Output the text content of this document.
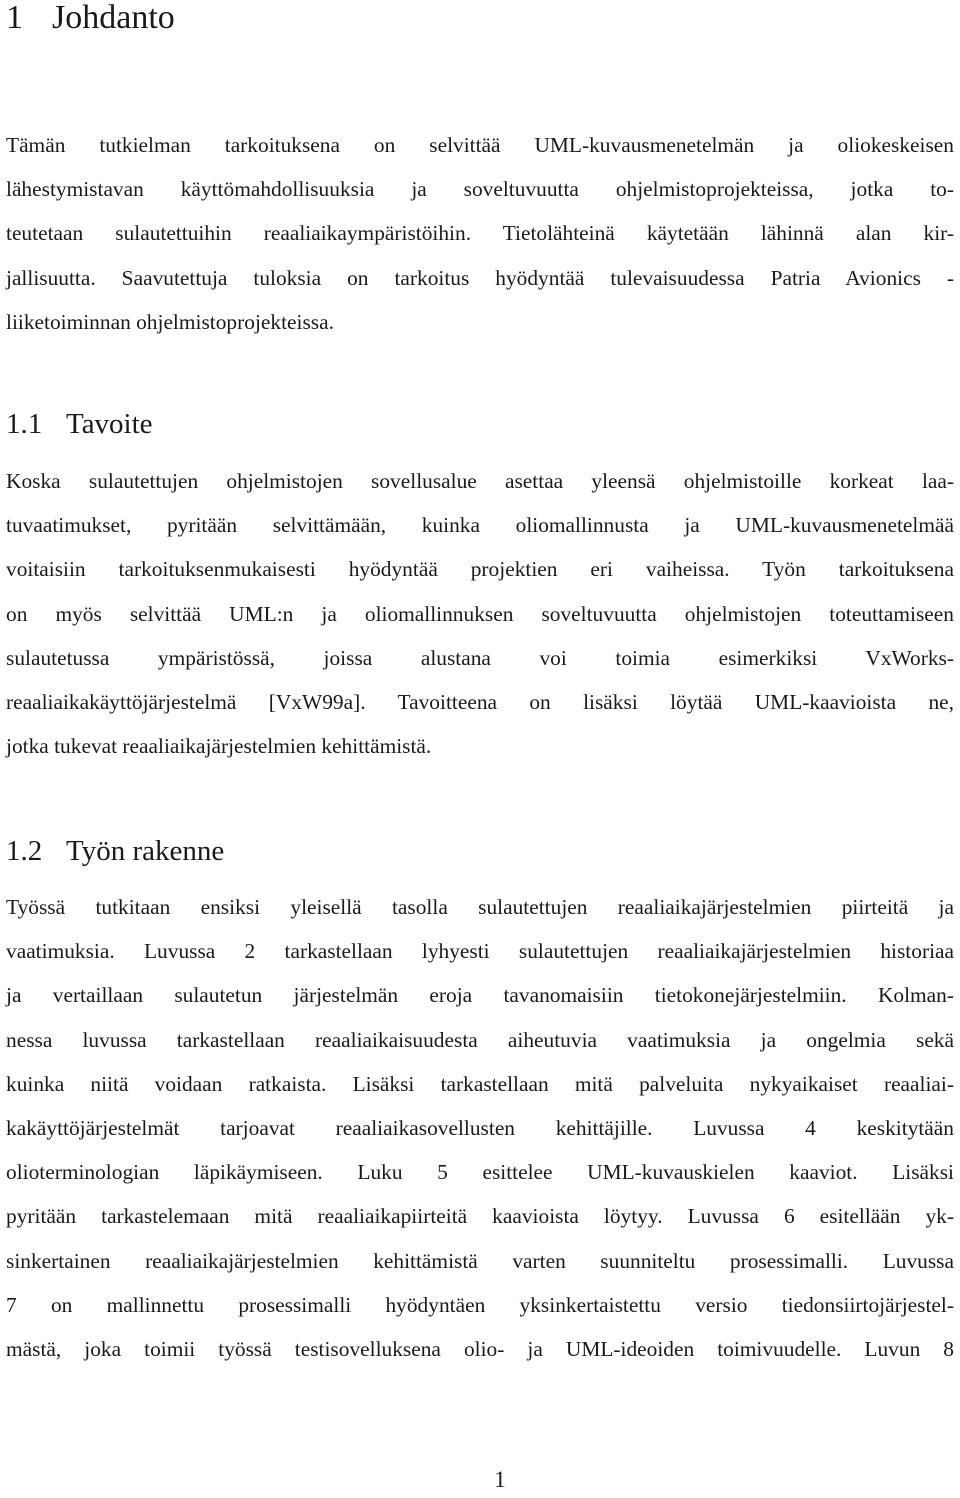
1 Johdanto
Tämän tutkielman tarkoituksena on selvittää UML-kuvausmenetelmän ja oliokeskeisen
lähestymistavan käyttömahdollisuuksia ja soveltuvuutta ohjelmistoprojekteissa, jotka to-
teutetaan sulautettuihin reaaliaikaympäristöihin. Tietolähteinä käytetään lähinnä alan kir-
jallisuutta. Saavutettuja tuloksia on tarkoitus hyödyntää tulevaisuudessa Patria Avionics -
liiketoiminnan ohjelmistoprojekteissa.
1.1 Tavoite
Koska sulautettujen ohjelmistojen sovellusalue asettaa yleensä ohjelmistoille korkeat laa-
tuvaatimukset, pyritään selvittämään, kuinka oliomallinnusta ja UML-kuvausmenetelmää
voitaisiin tarkoituksenmukaisesti hyödyntää projektien eri vaiheissa. Työn tarkoituksena
on myös selvittää UML:n ja oliomallinnuksen soveltuvuutta ohjelmistojen toteuttamiseen
sulautetussa ympäristössä, joissa alustana voi toimia esimerkiksi VxWorks-
reaaliaikakäyttöjärjestelmä [VxW99a]. Tavoitteena on lisäksi löytää UML-kaavioista ne,
jotka tukevat reaaliaikajärjestelmien kehittämistä.
1.2 Työn rakenne
Työssä tutkitaan ensiksi yleisellä tasolla sulautettujen reaaliaikajärjestelmien piirteitä ja
vaatimuksia. Luvussa 2 tarkastellaan lyhyesti sulautettujen reaaliaikajärjestelmien historiaa
ja vertaillaan sulautetun järjestelmän eroja tavanomaisiin tietokonejärjestelmiin. Kolman-
nessa luvussa tarkastellaan reaaliaikaisuudesta aiheutuvia vaatimuksia ja ongelmia sekä
kuinka niitä voidaan ratkaista. Lisäksi tarkastellaan mitä palveluita nykyaikaiset reaaliai-
kakäyttöjärjestelmät tarjoavat reaaliaikasovellusten kehittäjille. Luvussa 4 keskitytään
olioterminologian läpikäymiseen. Luku 5 esittelee UML-kuvauskielen kaaviot. Lisäksi
pyritään tarkastelemaan mitä reaaliaikapiirteitä kaavioista löytyy. Luvussa 6 esitellään yk-
sinkertainen reaaliaikajärjestelmien kehittämistä varten suunniteltu prosessimalli. Luvussa
7 on mallinnettu prosessimalli hyödyntäen yksinkertaistettu versio tiedonsiirtojärjestel-
mästä, joka toimii työssä testisovelluksena olio- ja UML-ideoiden toimivuudelle. Luvun 8
1
